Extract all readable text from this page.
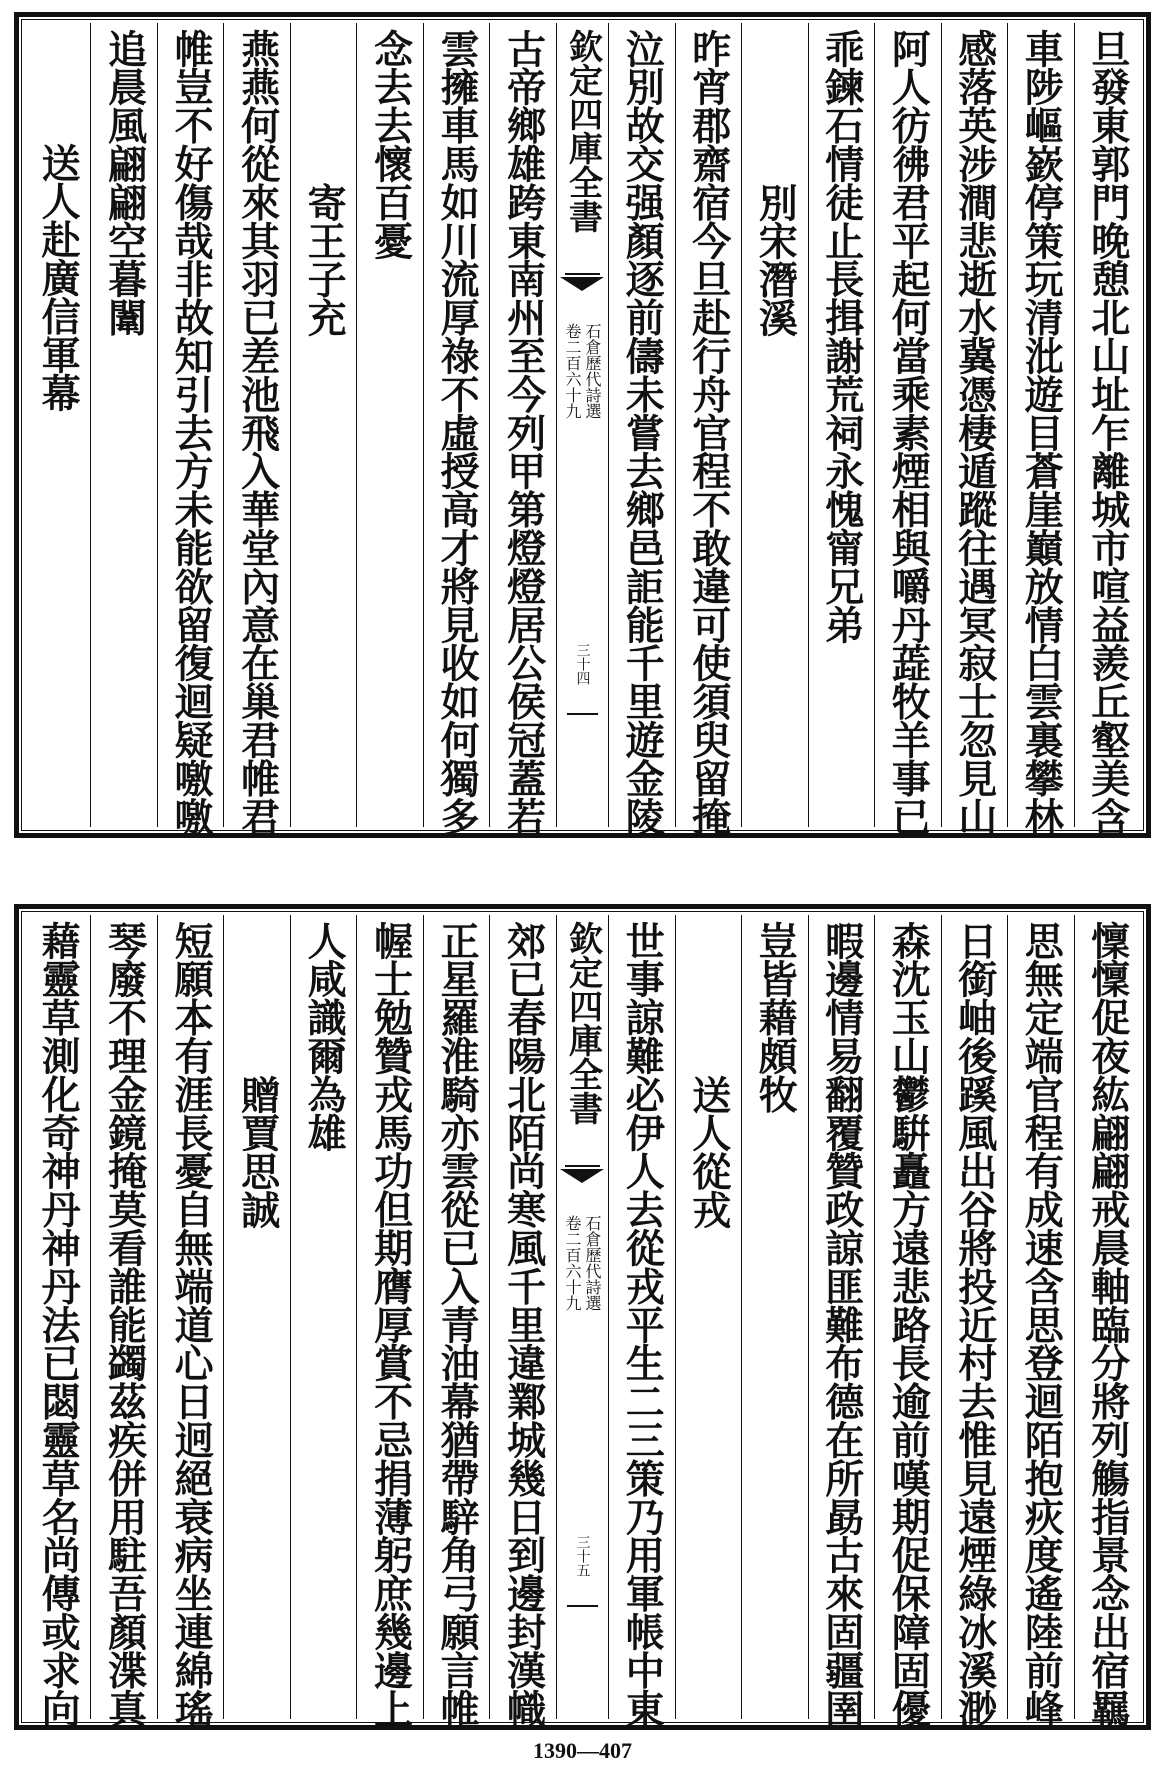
旦發東郭門晚憩北山址乍離城市喧益羨丘壑美含
車陟嶇嶔停策玩清沘遊目蒼崖巔放情白雲裏攀林
感落英涉澗悲逝水冀憑棲遁蹤往遇冥寂士忽見山
阿人彷彿君平起何當乘素煙相與嚼丹蕋牧羊事已
乖鍊石情徒止長揖謝荒祠永愧甯兄弟
別宋潛溪
昨宵郡齋宿今旦赴行舟官程不敢違可使須臾留掩
泣別故交强顏逐前儔未嘗去鄉邑詎能千里遊金陵
欽定四庫全書
石倉歷代詩選
卷二百六十九
三十四
古帝鄉雄跨東南州至今列甲第燈燈居公侯冠蓋若
雲擁車馬如川流厚祿不虛授高才將見收如何獨多
念去去懷百憂
寄王子充
燕燕何從來其羽已差池飛入華堂內意在巢君帷君
帷豈不好傷哉非故知引去方未能欲留復迴疑噭噭
追晨風翩翩空暮闈
送人赴廣信軍幕
懍懍促夜紘翩翩戒晨軸臨分將列觴指景念出宿羈
思無定端官程有成速含思登迴陌抱疢度遙陸前峰
日銜岫後蹊風出谷將投近村去惟見遠煙綠冰溪渺
森沈玉山鬱騈矗方遠悲路長逾前嘆期促保障固優
暇邊情易翻覆贊政諒匪難布德在所勗古來固疆圉
豈皆藉頗牧
送人從戎
世事諒難必伊人去從戎平生二三策乃用軍帳中東
欽定四庫全書
石倉歷代詩選
卷二百六十九
三十五
郊已春陽北陌尚寒風千里違鄴城幾日到邊封漢幟
正星羅淮騎亦雲從已入青油幕猶帶騂角弓願言帷
幄士勉贊戎馬功但期膺厚賞不忌捐薄躬庶幾邊上
人咸識爾為雄
贈賈思誠
短願本有涯長憂自無端道心日迥絕衰病坐連綿瑤
琴廢不理金鏡掩莫看誰能蠲茲疾併用駐吾顏渫真
藉靈草測化奇神丹神丹法已閟靈草名尚傳或求向
1390—407
